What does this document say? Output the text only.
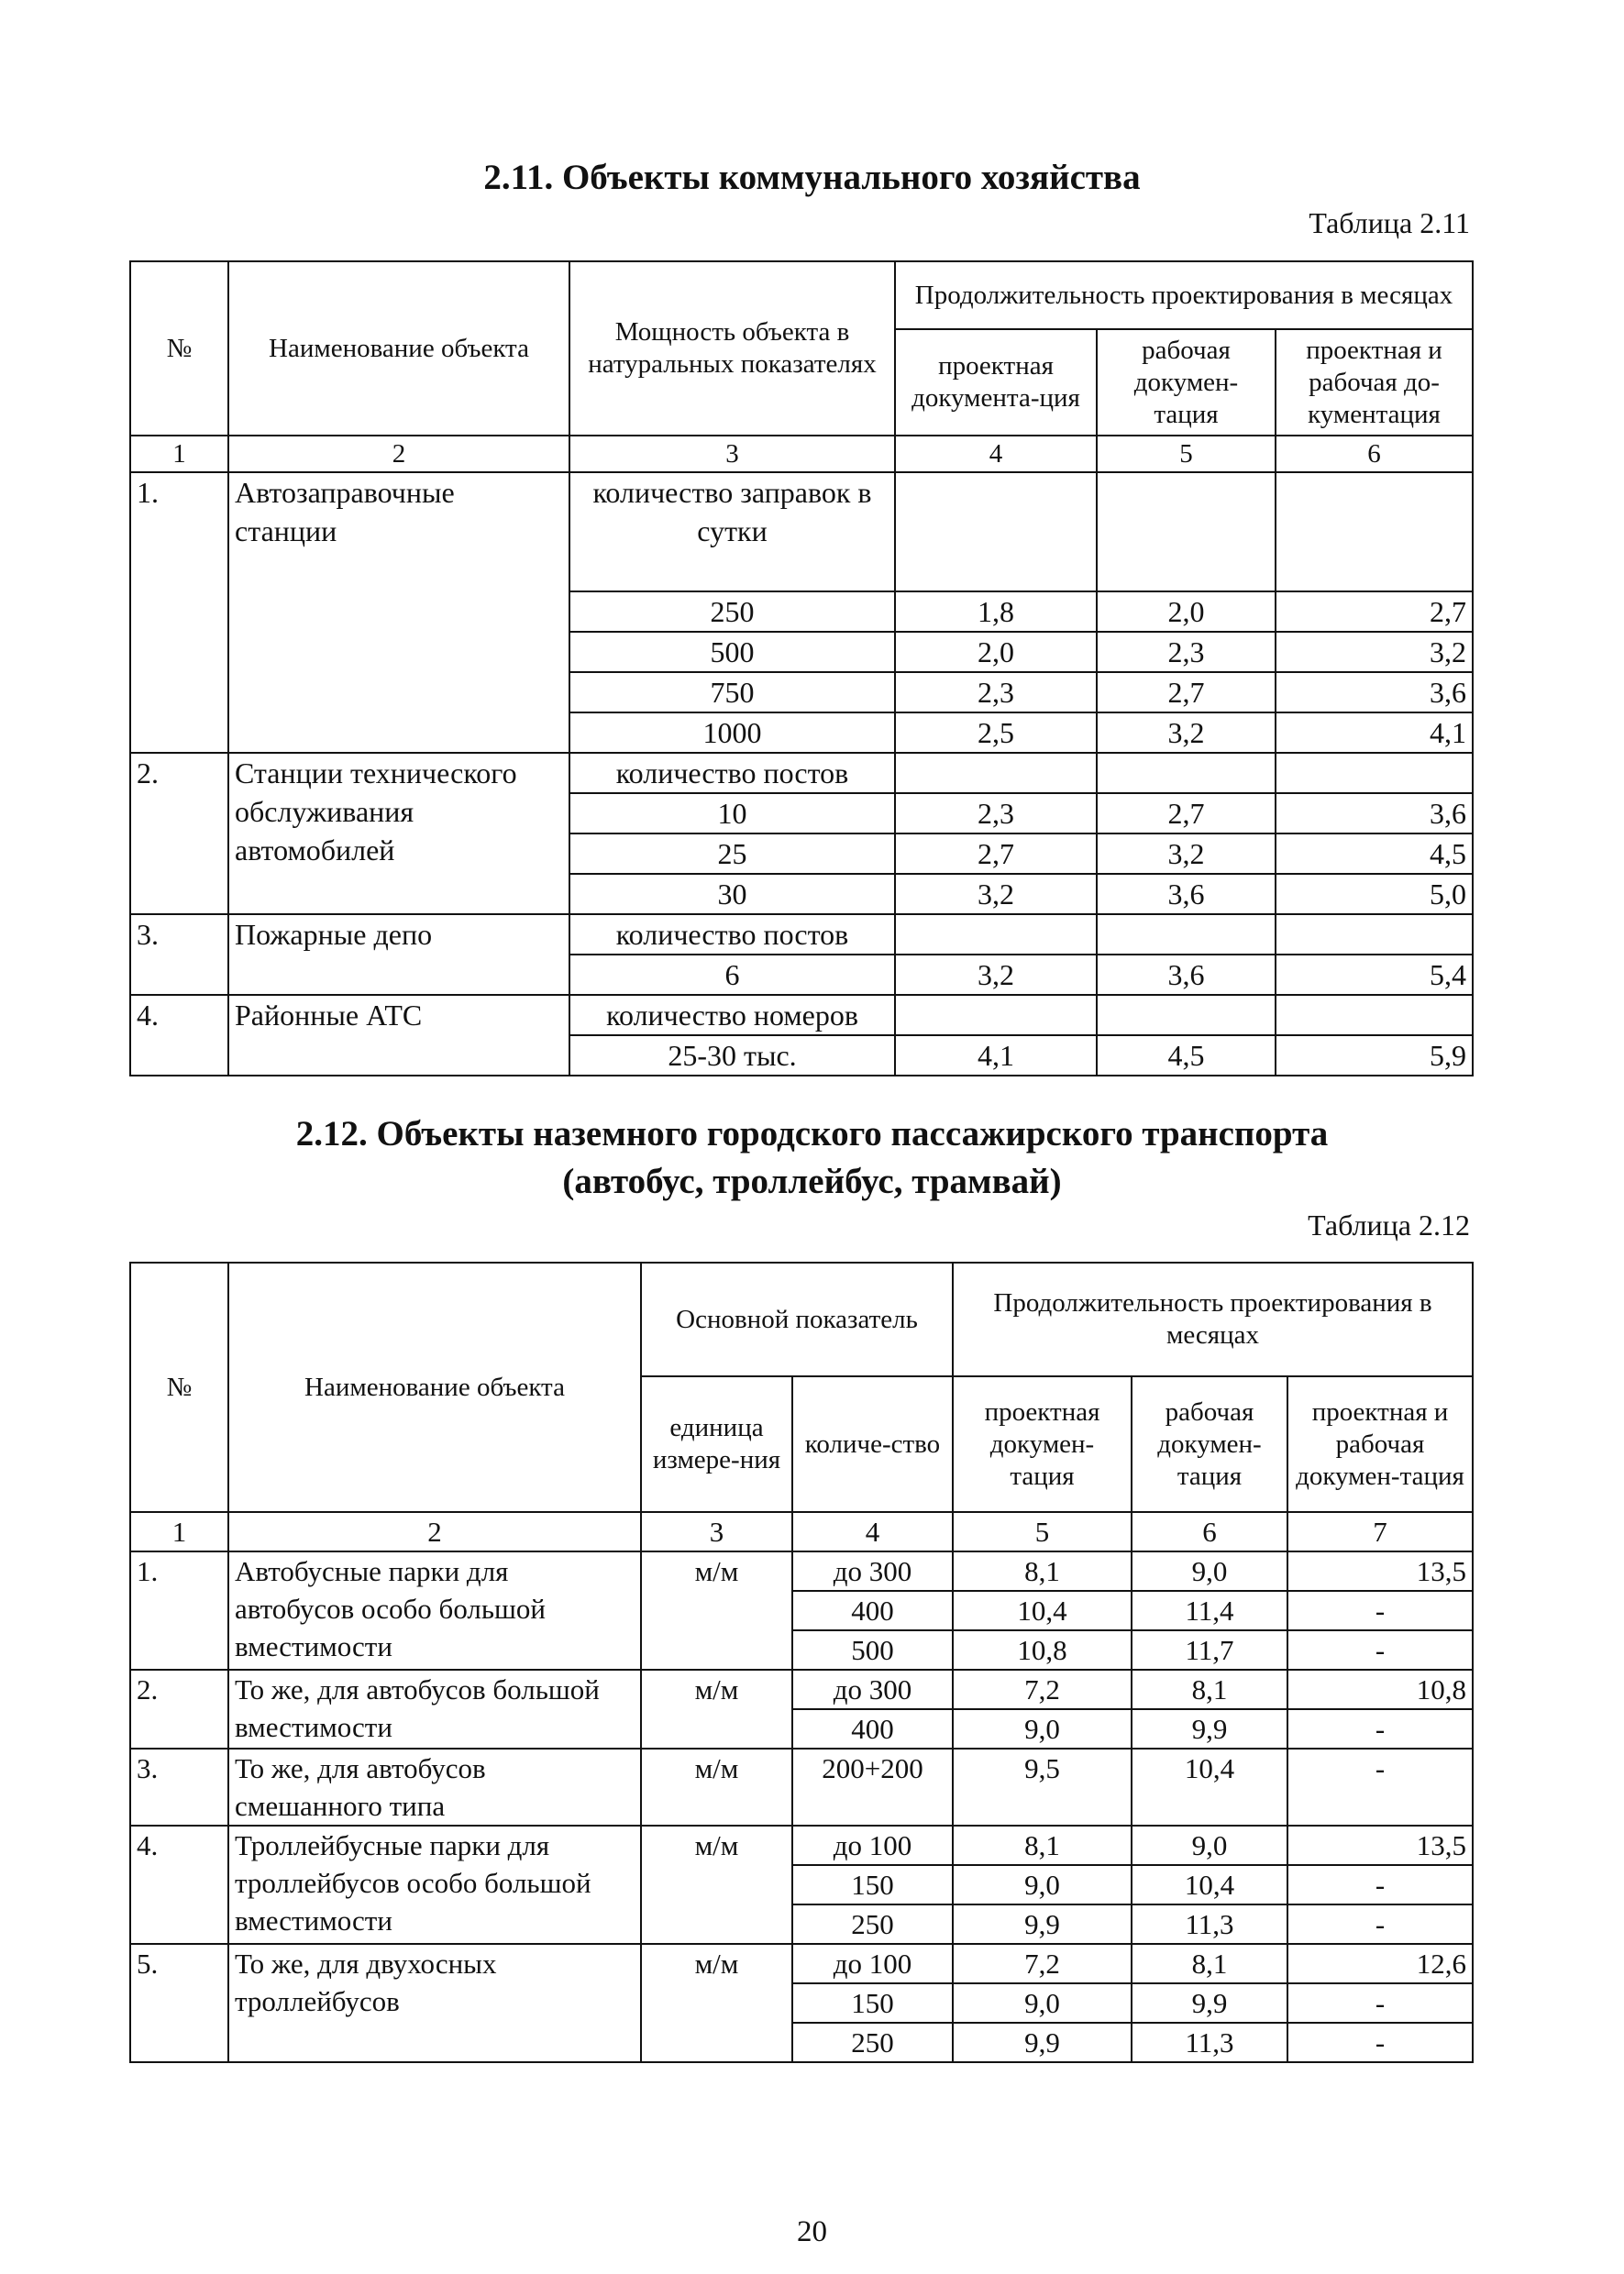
2.11. Объекты коммунального хозяйства
Таблица 2.11
№	Наименование объекта	Мощность объекта в натуральных показателях	Продолжительность проектирования в месяцах		
			проектная документа-ция	рабочая докумен-тация	проектная и рабочая до-кументация
1	2	3	4	5	6
1.	Автозаправочные станции	количество заправок в сутки			
		250	1,8	2,0	2,7
		500	2,0	2,3	3,2
		750	2,3	2,7	3,6
		1000	2,5	3,2	4,1
2.	Станции технического обслуживания автомобилей	количество постов			
		10	2,3	2,7	3,6
		25	2,7	3,2	4,5
		30	3,2	3,6	5,0
3.	Пожарные депо	количество постов			
		6	3,2	3,6	5,4
4.	Районные АТС	количество номеров			
		25-30 тыс.	4,1	4,5	5,9
2.12. Объекты наземного городского пассажирского транспорта
(автобус, троллейбус, трамвай)
Таблица 2.12
№	Наименование объекта	Основной показатель		Продолжительность проектирования в месяцах		
		единица измере-ния	количе-ство	проектная докумен-тация	рабочая докумен-тация	проектная и рабочая докумен-тация
1	2	3	4	5	6	7
1.	Автобусные парки для автобусов особо большой вместимости	м/м	до 300	8,1	9,0	13,5
			400	10,4	11,4	-
			500	10,8	11,7	-
2.	То же, для автобусов большой вместимости	м/м	до 300	7,2	8,1	10,8
			400	9,0	9,9	-
3.	То же, для автобусов смешанного типа	м/м	200+200	9,5	10,4	-
4.	Троллейбусные парки для троллейбусов особо большой вместимости	м/м	до 100	8,1	9,0	13,5
			150	9,0	10,4	-
			250	9,9	11,3	-
5.	То же, для двухосных троллейбусов	м/м	до 100	7,2	8,1	12,6
			150	9,0	9,9	-
			250	9,9	11,3	-
20
